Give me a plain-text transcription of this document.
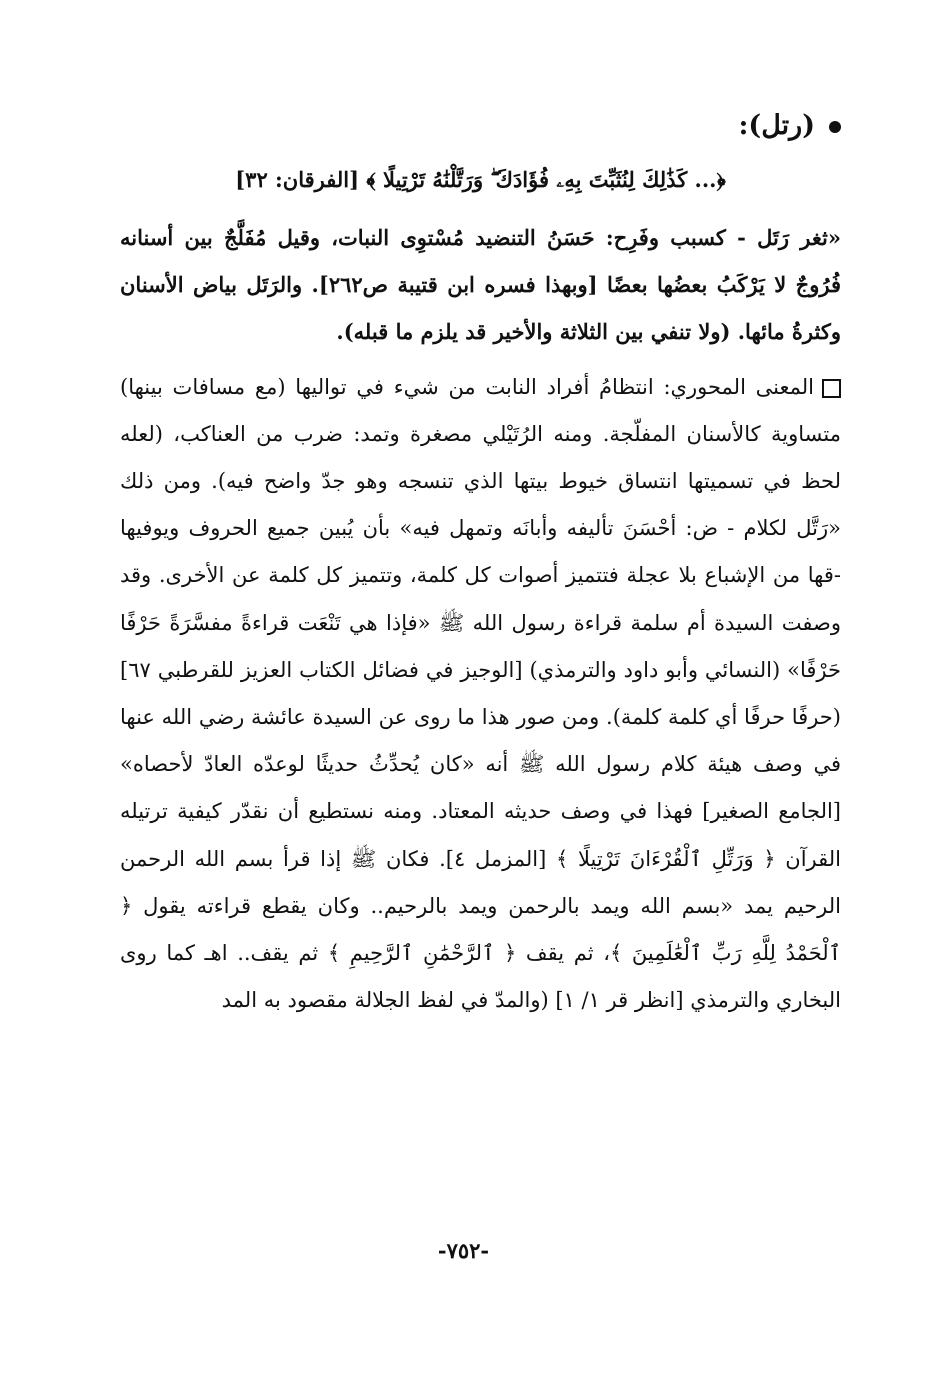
(رتل):

﴿... كَذَٰلِكَ لِنُثَبِّتَ بِهِۦ فُؤَادَكَ ۖ وَرَتَّلْنَٰهُ تَرْتِيلًا ﴾ [الفرقان: ٣٢]

«ثغر رَتَل - كسبب وفَرِح: حَسَنُ التنضيد مُسْتوِى النبات، وقيل مُفَلَّجٌ بين أسنانه فُرُوجٌ لا يَرْكَبُ بعضُها بعضًا [وبهذا فسره ابن قتيبة ص٢٦٢]. والرَتَل بياض الأسنان وكثرةُ مائها. (ولا تنفي بين الثلاثة والأخير قد يلزم ما قبله).

المعنى المحوري: انتظامُ أفراد النابت من شيء في تواليها (مع مسافات بينها) متساوية كالأسنان المفلّجة. ومنه الرُتَيْلي مصغرة وتمد: ضرب من العناكب، (لعله لحظ في تسميتها انتساق خيوط بيتها الذي تنسجه وهو جدّ واضح فيه). ومن ذلك «رَتَّل لكلام - ض: أحْسَنَ تأليفه وأبانَه وتمهل فيه» بأن يُبين جميع الحروف ويوفيها -قها من الإشباع بلا عجلة فتتميز أصوات كل كلمة، وتتميز كل كلمة عن الأخرى. وقد وصفت السيدة أم سلمة قراءة رسول الله ﷺ «فإذا هي تَنْعَت قراءةً مفسَّرَةً حَرْفًا حَرْفًا» (النسائي وأبو داود والترمذي) [الوجيز في فضائل الكتاب العزيز للقرطبي ٦٧] (حرفًا حرفًا أي كلمة كلمة). ومن صور هذا ما روى عن السيدة عائشة رضي الله عنها في وصف هيئة كلام رسول الله ﷺ أنه «كان يُحدِّثُ حديثًا لوعدّه العادّ لأحصاه» [الجامع الصغير] فهذا في وصف حديثه المعتاد. ومنه نستطيع أن نقدّر كيفية ترتيله القرآن ﴿ وَرَتِّلِ ٱلْقُرْءَانَ تَرْتِيلًا ﴾ [المزمل ٤]. فكان ﷺ إذا قرأ بسم الله الرحمن الرحيم يمد «بسم الله ويمد بالرحمن ويمد بالرحيم.. وكان يقطع قراءته يقول ﴿ ٱلْحَمْدُ لِلَّهِ رَبِّ ٱلْعَٰلَمِينَ ﴾، ثم يقف ﴿ ٱلرَّحْمَٰنِ ٱلرَّحِيمِ ﴾ ثم يقف.. اهـ كما روى البخاري والترمذي [انظر قر ١/ ١] (والمدّ في لفظ الجلالة مقصود به المد

-٧٥٢-
